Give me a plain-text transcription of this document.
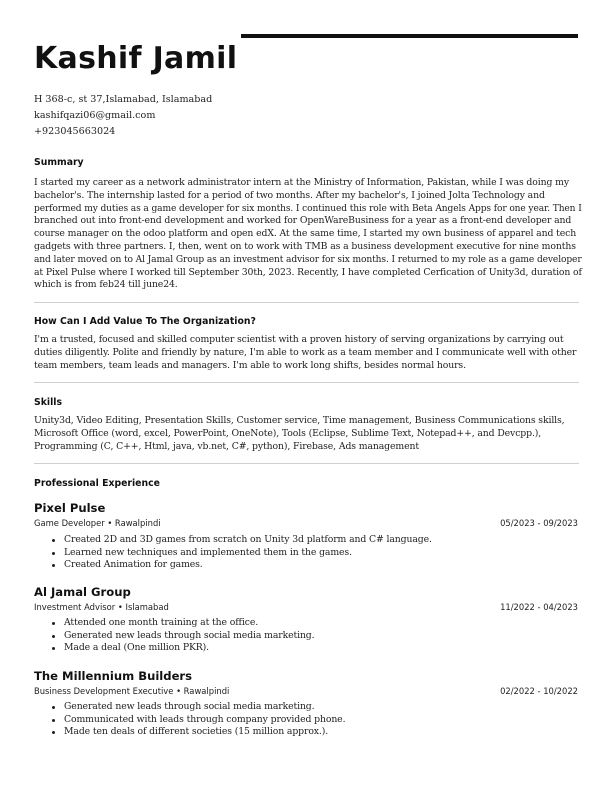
Kashif Jamil
H 368-c, st 37,Islamabad, Islamabad
kashifqazi06@gmail.com
+923045663024
Summary
I started my career as a network administrator intern at the Ministry of Information, Pakistan, while I was doing my
bachelor's. The internship lasted for a period of two months. After my bachelor's, I joined Jolta Technology and
performed my duties as a game developer for six months. I continued this role with Beta Angels Apps for one year. Then I
branched out into front-end development and worked for OpenWareBusiness for a year as a front-end developer and
course manager on the odoo platform and open edX. At the same time, I started my own business of apparel and tech
gadgets with three partners. I, then, went on to work with TMB as a business development executive for nine months
and later moved on to Al Jamal Group as an investment advisor for six months. I returned to my role as a game developer
at Pixel Pulse where I worked till September 30th, 2023. Recently, I have completed Cerfication of Unity3d, duration of
which is from feb24 till june24.
How Can I Add Value To The Organization?
I'm a trusted, focused and skilled computer scientist with a proven history of serving organizations by carrying out
duties diligently. Polite and friendly by nature, I'm able to work as a team member and I communicate well with other
team members, team leads and managers. I'm able to work long shifts, besides normal hours.
Skills
Unity3d, Video Editing, Presentation Skills, Customer service, Time management, Business Communications skills,
Microsoft Office (word, excel, PowerPoint, OneNote), Tools (Eclipse, Sublime Text, Notepad++, and Devcpp.),
Programming (C, C++, Html, java, vb.net, C#, python), Firebase, Ads management
Professional Experience
Pixel Pulse
Game Developer • Rawalpindi	05/2023 - 09/2023
Created 2D and 3D games from scratch on Unity 3d platform and C# language.
Learned new techniques and implemented them in the games.
Created Animation for games.
Al Jamal Group
Investment Advisor • Islamabad	11/2022 - 04/2023
Attended one month training at the office.
Generated new leads through social media marketing.
Made a deal (One million PKR).
The Millennium Builders
Business Development Executive • Rawalpindi	02/2022 - 10/2022
Generated new leads through social media marketing.
Communicated with leads through company provided phone.
Made ten deals of different societies (15 million approx.).
